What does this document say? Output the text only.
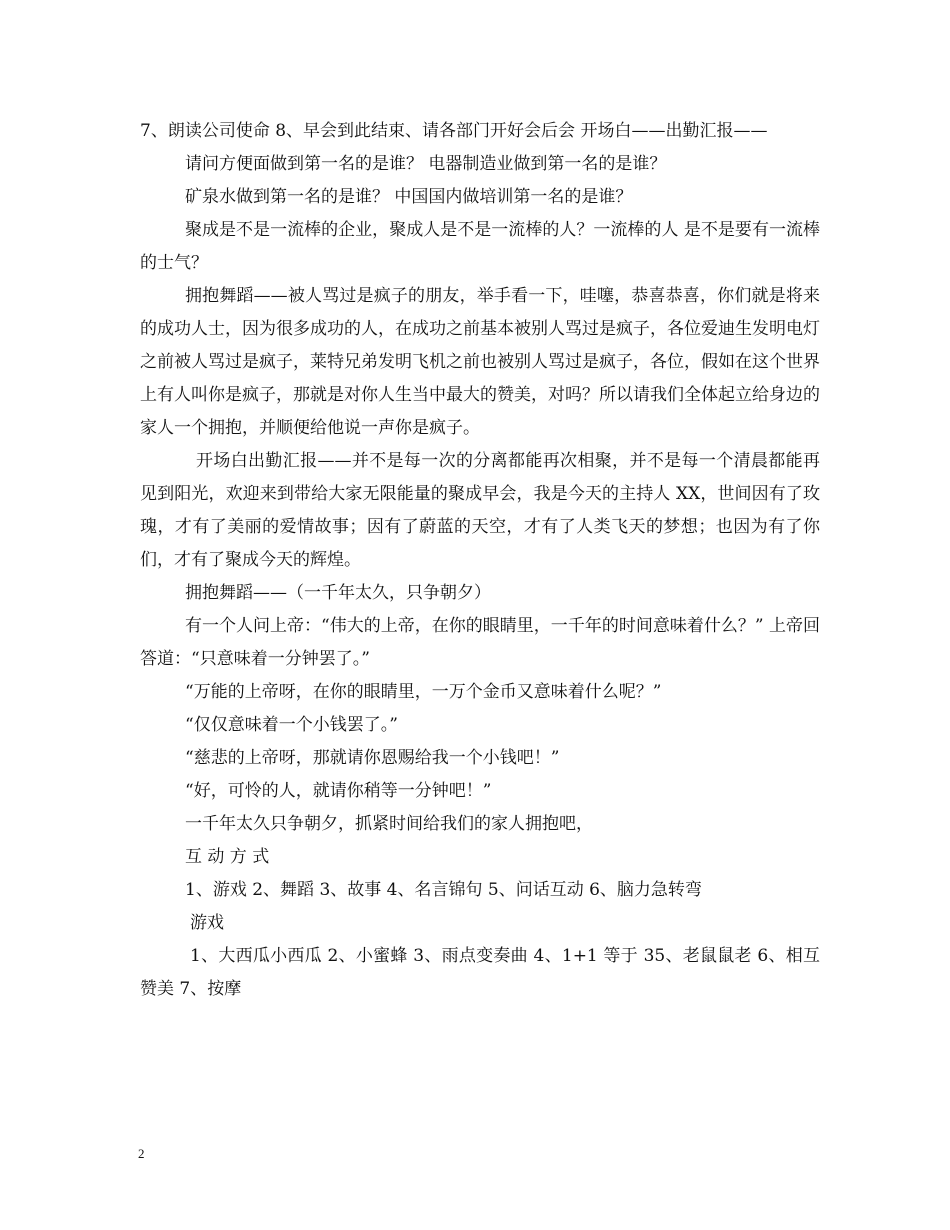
7、朗读公司使命 8、早会到此结束、请各部门开好会后会 开场白——出勤汇报——

请问方便面做到第一名的是谁？ 电器制造业做到第一名的是谁？

矿泉水做到第一名的是谁？ 中国国内做培训第一名的是谁？

聚成是不是一流棒的企业，聚成人是不是一流棒的人？一流棒的人 是不是要有一流棒的士气？

拥抱舞蹈——被人骂过是疯子的朋友，举手看一下，哇噻，恭喜恭喜，你们就是将来的成功人士，因为很多成功的人，在成功之前基本被别人骂过是疯子，各位爱迪生发明电灯之前被人骂过是疯子，莱特兄弟发明飞机之前也被别人骂过是疯子，各位，假如在这个世界上有人叫你是疯子，那就是对你人生当中最大的赞美，对吗？所以请我们全体起立给身边的家人一个拥抱，并顺便给他说一声你是疯子。

开场白出勤汇报——并不是每一次的分离都能再次相聚，并不是每一个清晨都能再见到阳光，欢迎来到带给大家无限能量的聚成早会，我是今天的主持人 XX，世间因有了玫瑰，才有了美丽的爱情故事；因有了蔚蓝的天空，才有了人类飞天的梦想；也因为有了你们，才有了聚成今天的辉煌。

拥抱舞蹈——（一千年太久，只争朝夕）

有一个人问上帝：“伟大的上帝，在你的眼睛里，一千年的时间意味着什么？” 上帝回答道：“只意味着一分钟罢了。”

“万能的上帝呀，在你的眼睛里，一万个金币又意味着什么呢？”

“仅仅意味着一个小钱罢了。”

“慈悲的上帝呀，那就请你恩赐给我一个小钱吧！”

“好，可怜的人，就请你稍等一分钟吧！”

一千年太久只争朝夕，抓紧时间给我们的家人拥抱吧，

互 动 方 式

1、游戏 2、舞蹈 3、故事 4、名言锦句 5、问话互动 6、脑力急转弯

游戏

1、大西瓜小西瓜 2、小蜜蜂 3、雨点变奏曲 4、1+1 等于 35、老鼠鼠老 6、相互赞美 7、按摩

2
